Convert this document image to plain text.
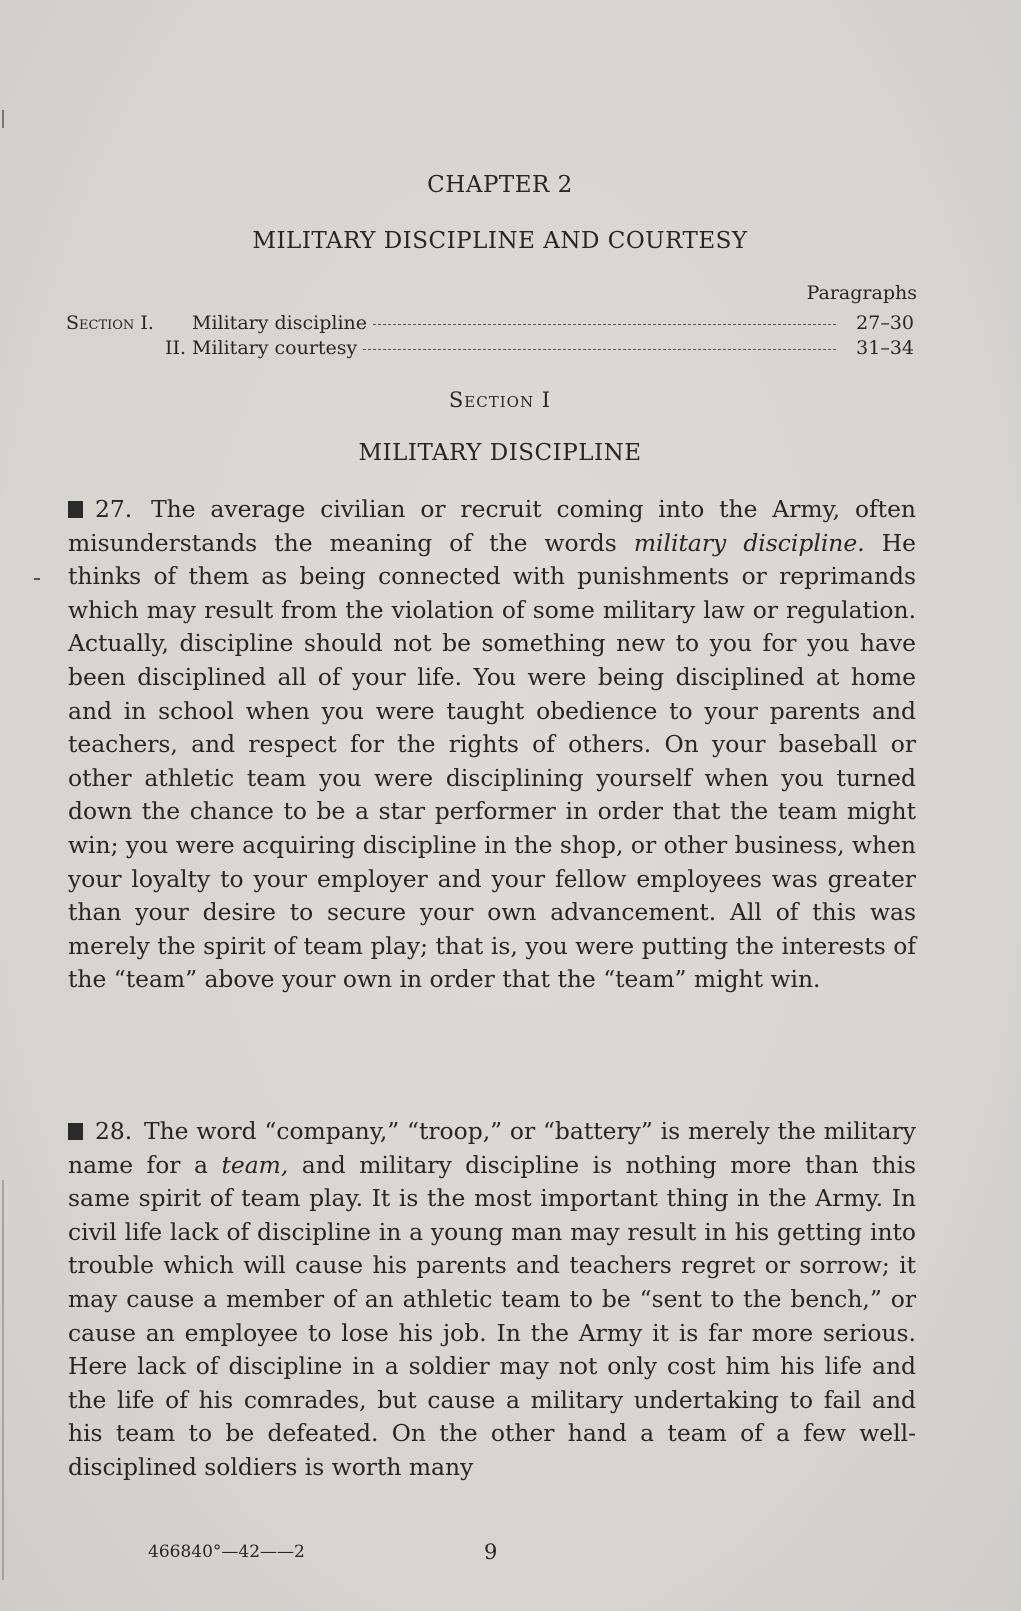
CHAPTER 2
MILITARY DISCIPLINE AND COURTESY
Paragraphs
Section I.	Military discipline	27–30
II. Military courtesy	31–34
Section I
MILITARY DISCIPLINE
27. The average civilian or recruit coming into the Army, often misunderstands the meaning of the words military discipline. He thinks of them as being connected with punishments or reprimands which may result from the violation of some military law or regulation. Actually, discipline should not be something new to you for you have been disciplined all of your life. You were being disciplined at home and in school when you were taught obedience to your parents and teachers, and respect for the rights of others. On your baseball or other athletic team you were disciplining yourself when you turned down the chance to be a star performer in order that the team might win; you were acquiring discipline in the shop, or other business, when your loyalty to your employer and your fellow employees was greater than your desire to secure your own advancement. All of this was merely the spirit of team play; that is, you were putting the interests of the “team” above your own in order that the “team” might win.
28. The word “company,” “troop,” or “battery” is merely the military name for a team, and military discipline is nothing more than this same spirit of team play. It is the most important thing in the Army. In civil life lack of discipline in a young man may result in his getting into trouble which will cause his parents and teachers regret or sorrow; it may cause a member of an athletic team to be “sent to the bench,” or cause an employee to lose his job. In the Army it is far more serious. Here lack of discipline in a soldier may not only cost him his life and the life of his comrades, but cause a military undertaking to fail and his team to be defeated. On the other hand a team of a few well-disciplined soldiers is worth many
466840°—42——2	9
